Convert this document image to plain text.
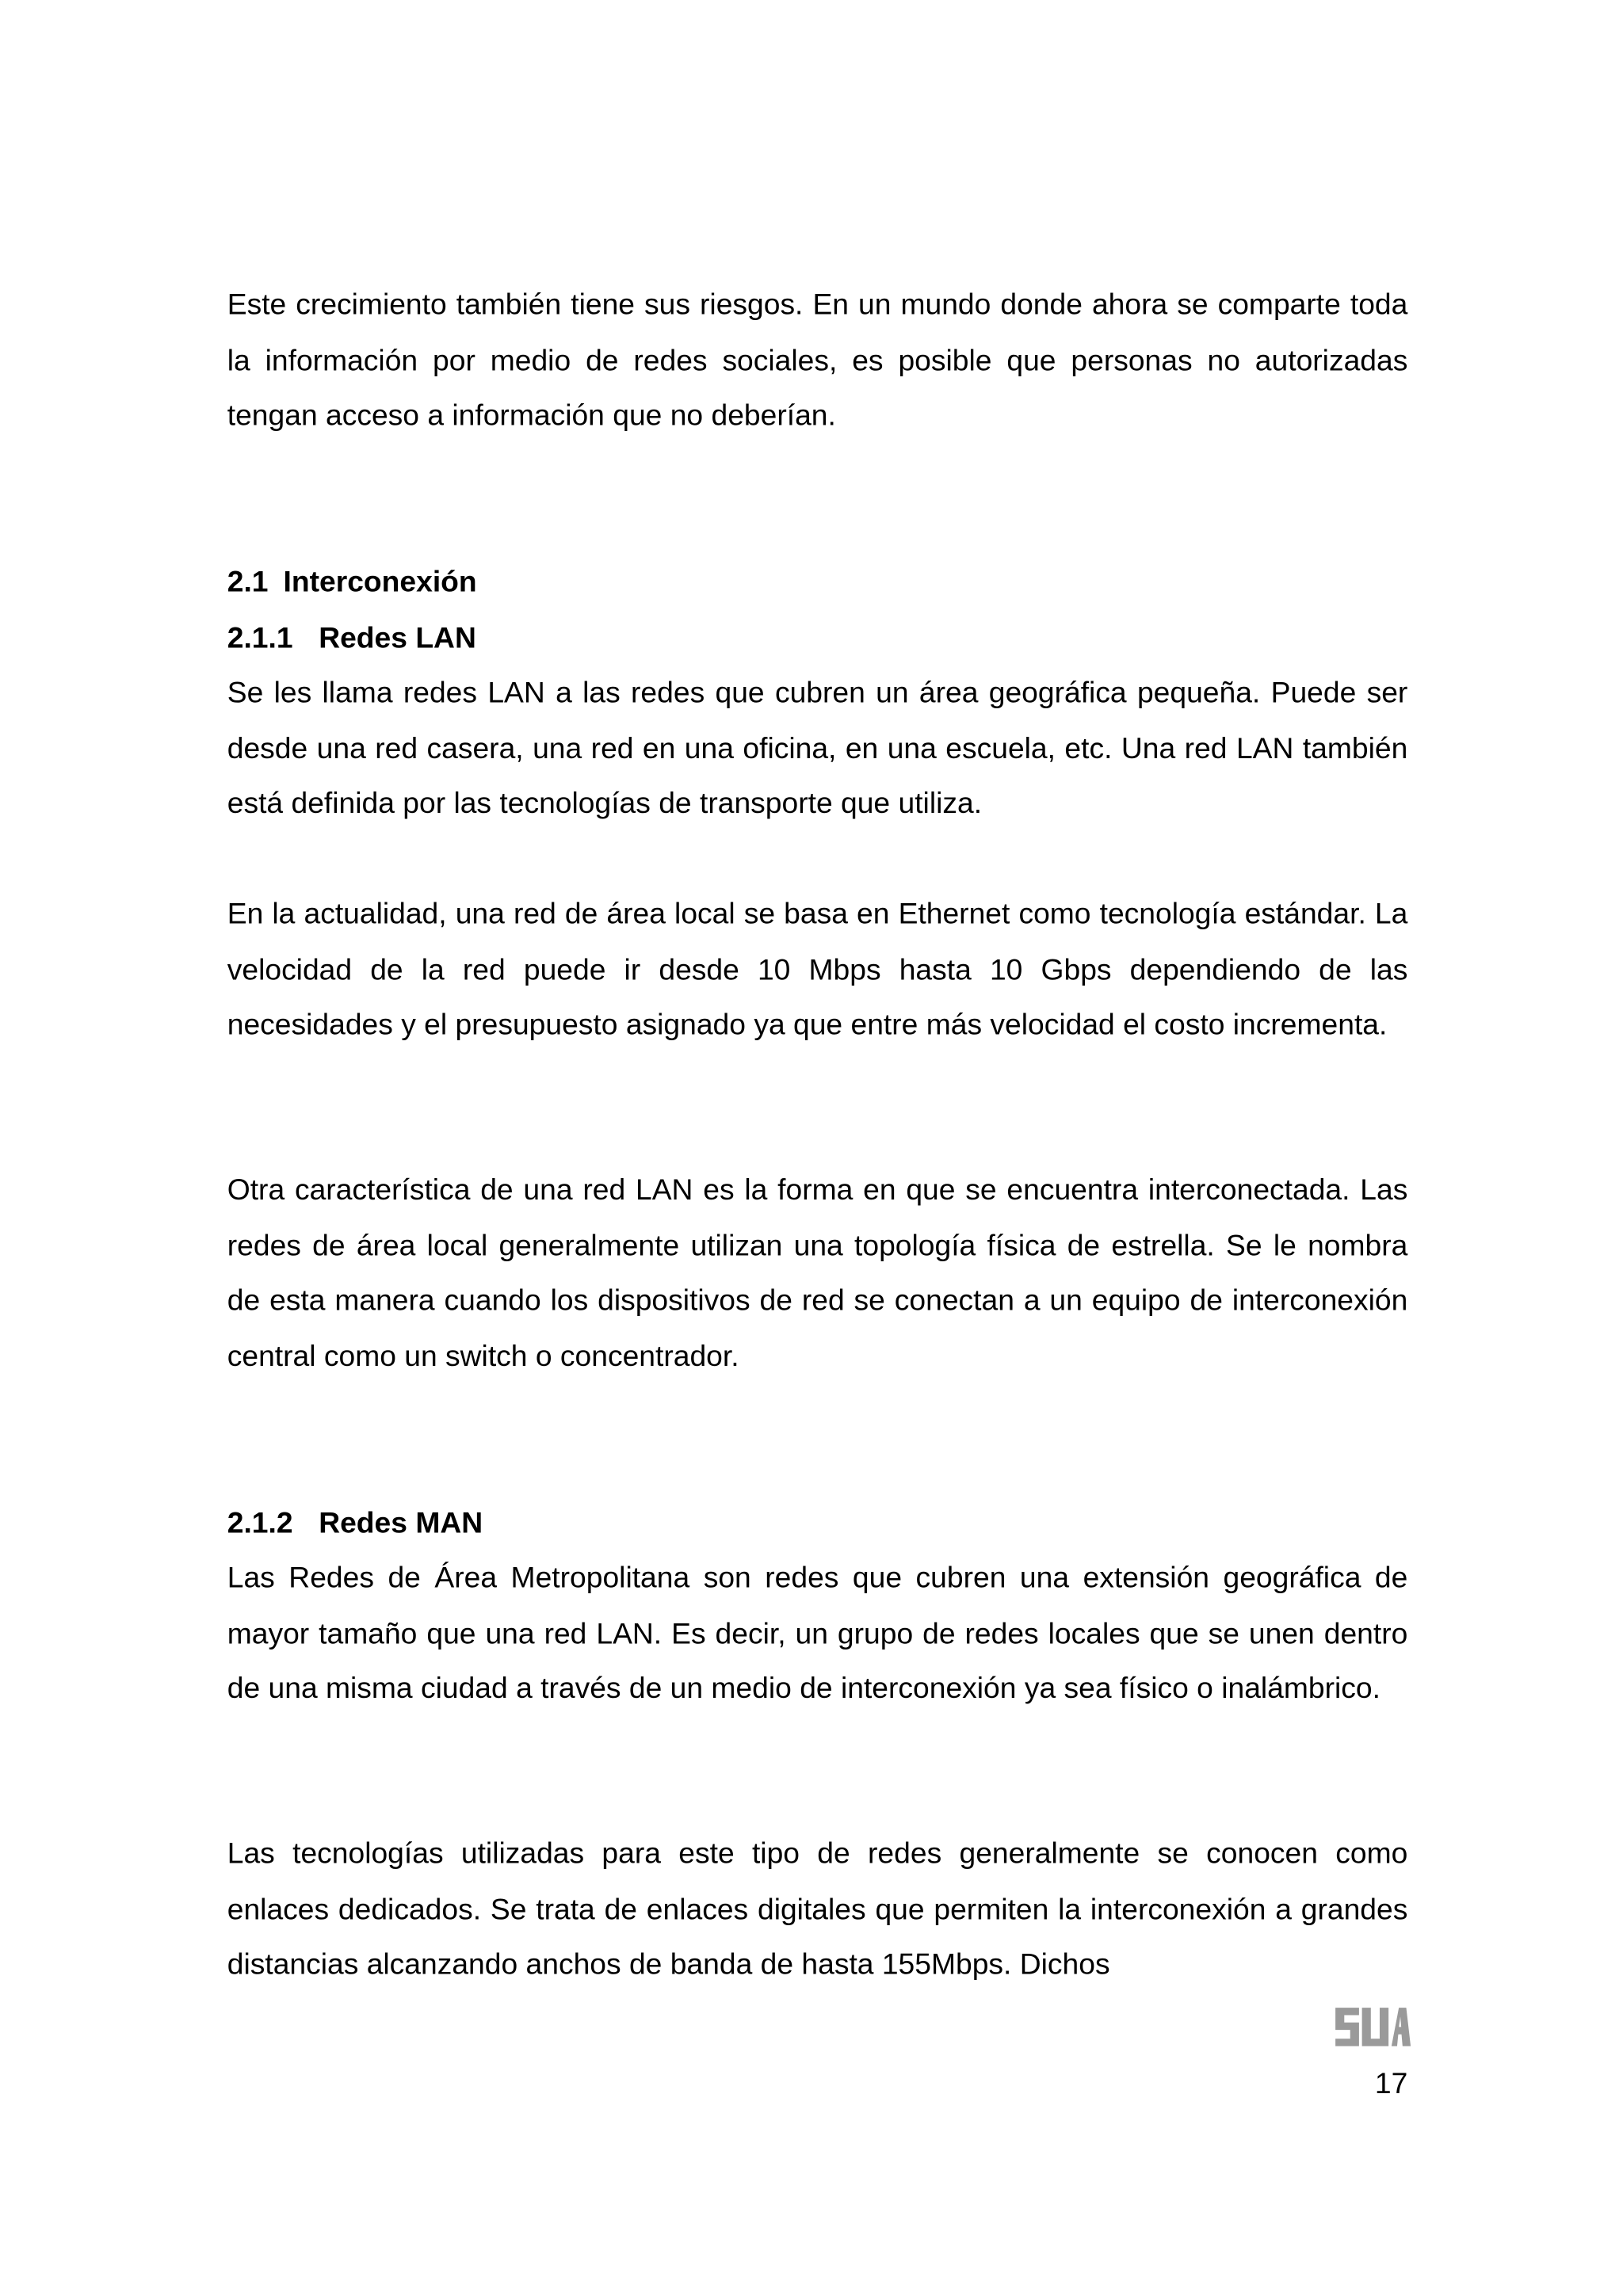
Este crecimiento también tiene sus riesgos. En un mundo donde ahora se comparte toda la información por medio de redes sociales, es posible que personas no autorizadas tengan acceso a información que no deberían.

2.1 Interconexión
2.1.1 Redes LAN

Se les llama redes LAN a las redes que cubren un área geográfica pequeña. Puede ser desde una red casera, una red en una oficina, en una escuela, etc. Una red LAN también está definida por las tecnologías de transporte que utiliza.

En la actualidad, una red de área local se basa en Ethernet como tecnología estándar. La velocidad de la red puede ir desde 10 Mbps hasta 10 Gbps dependiendo de las necesidades y el presupuesto asignado ya que entre más velocidad el costo incrementa.

Otra característica de una red LAN es la forma en que se encuentra interconectada. Las redes de área local generalmente utilizan una topología física de estrella. Se le nombra de esta manera cuando los dispositivos de red se conectan a un equipo de interconexión central como un switch o concentrador.

2.1.2 Redes MAN

Las Redes de Área Metropolitana son redes que cubren una extensión geográfica de mayor tamaño que una red LAN. Es decir, un grupo de redes locales que se unen dentro de una misma ciudad a través de un medio de interconexión ya sea físico o inalámbrico.

Las tecnologías utilizadas para este tipo de redes generalmente se conocen como enlaces dedicados. Se trata de enlaces digitales que permiten la interconexión a grandes distancias alcanzando anchos de banda de hasta 155Mbps. Dichos

17
